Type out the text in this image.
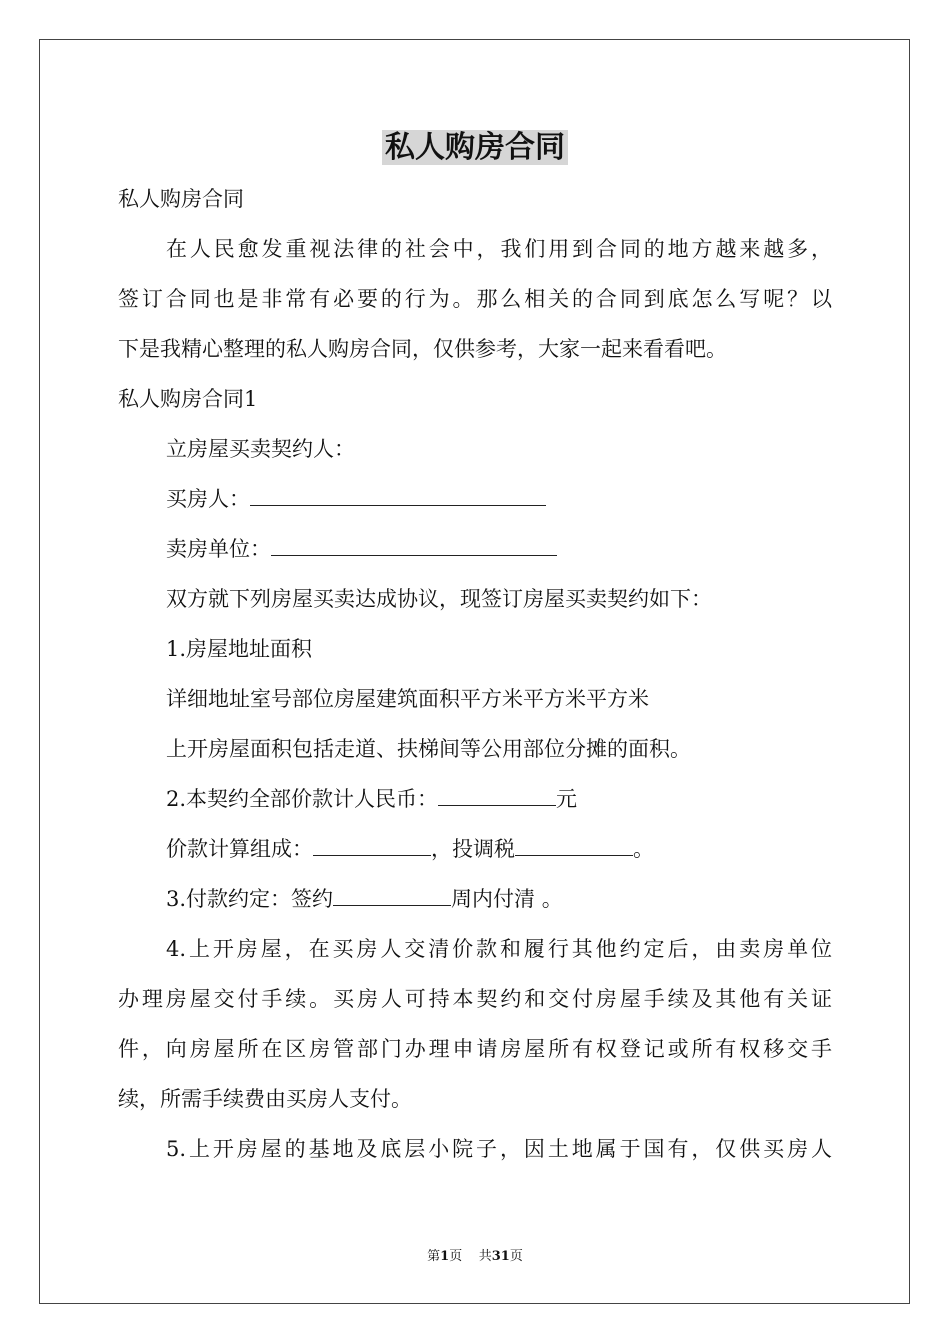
私人购房合同
私人购房合同
在人民愈发重视法律的社会中，我们用到合同的地方越来越多，
签订合同也是非常有必要的行为。那么相关的合同到底怎么写呢？以
下是我精心整理的私人购房合同，仅供参考，大家一起来看看吧。
私人购房合同1
立房屋买卖契约人：
买房人：
卖房单位：
双方就下列房屋买卖达成协议，现签订房屋买卖契约如下：
1.房屋地址面积
详细地址室号部位房屋建筑面积平方米平方米平方米
上开房屋面积包括走道、扶梯间等公用部位分摊的面积。
2.本契约全部价款计人民币：	元
价款计算组成：	，投调税	。
3.付款约定：签约	周内付清 。
4.上开房屋，在买房人交清价款和履行其他约定后，由卖房单位
办理房屋交付手续。买房人可持本契约和交付房屋手续及其他有关证
件，向房屋所在区房管部门办理申请房屋所有权登记或所有权移交手
续，所需手续费由买房人支付。
5.上开房屋的基地及底层小院子，因土地属于国有，仅供买房人
第1页 共31页
